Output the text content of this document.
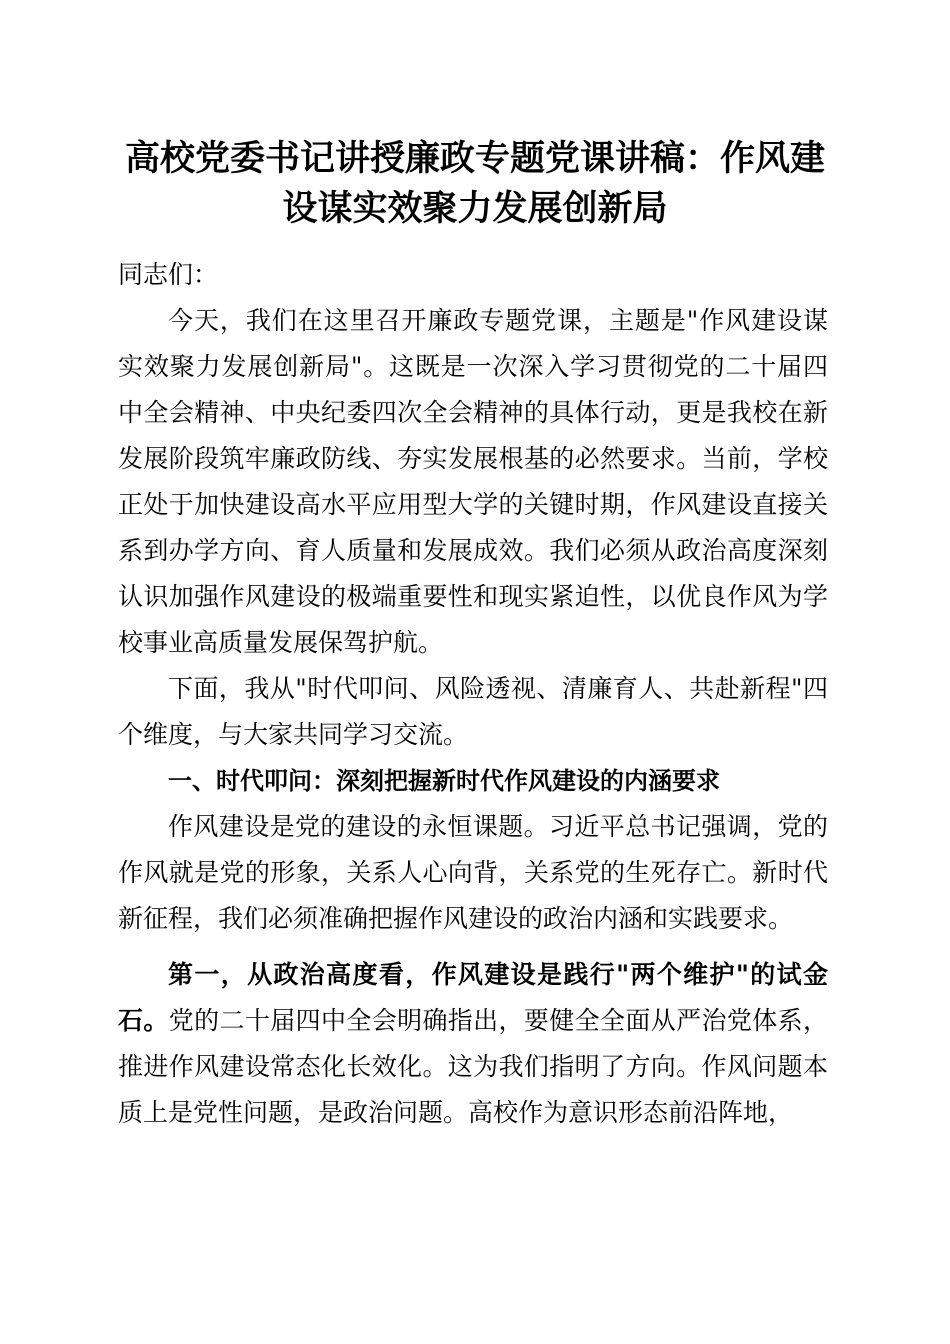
高校党委书记讲授廉政专题党课讲稿：作风建
设谋实效聚力发展创新局

同志们：

今天，我们在这里召开廉政专题党课，主题是"作风建设谋实效聚力发展创新局"。这既是一次深入学习贯彻党的二十届四中全会精神、中央纪委四次全会精神的具体行动，更是我校在新发展阶段筑牢廉政防线、夯实发展根基的必然要求。当前，学校正处于加快建设高水平应用型大学的关键时期，作风建设直接关系到办学方向、育人质量和发展成效。我们必须从政治高度深刻认识加强作风建设的极端重要性和现实紧迫性，以优良作风为学校事业高质量发展保驾护航。

下面，我从"时代叩问、风险透视、清廉育人、共赴新程"四个维度，与大家共同学习交流。

一、时代叩问：深刻把握新时代作风建设的内涵要求

作风建设是党的建设的永恒课题。习近平总书记强调，党的作风就是党的形象，关系人心向背，关系党的生死存亡。新时代新征程，我们必须准确把握作风建设的政治内涵和实践要求。

第一，从政治高度看，作风建设是践行"两个维护"的试金石。党的二十届四中全会明确指出，要健全全面从严治党体系，推进作风建设常态化长效化。这为我们指明了方向。作风问题本质上是党性问题，是政治问题。高校作为意识形态前沿阵地，
